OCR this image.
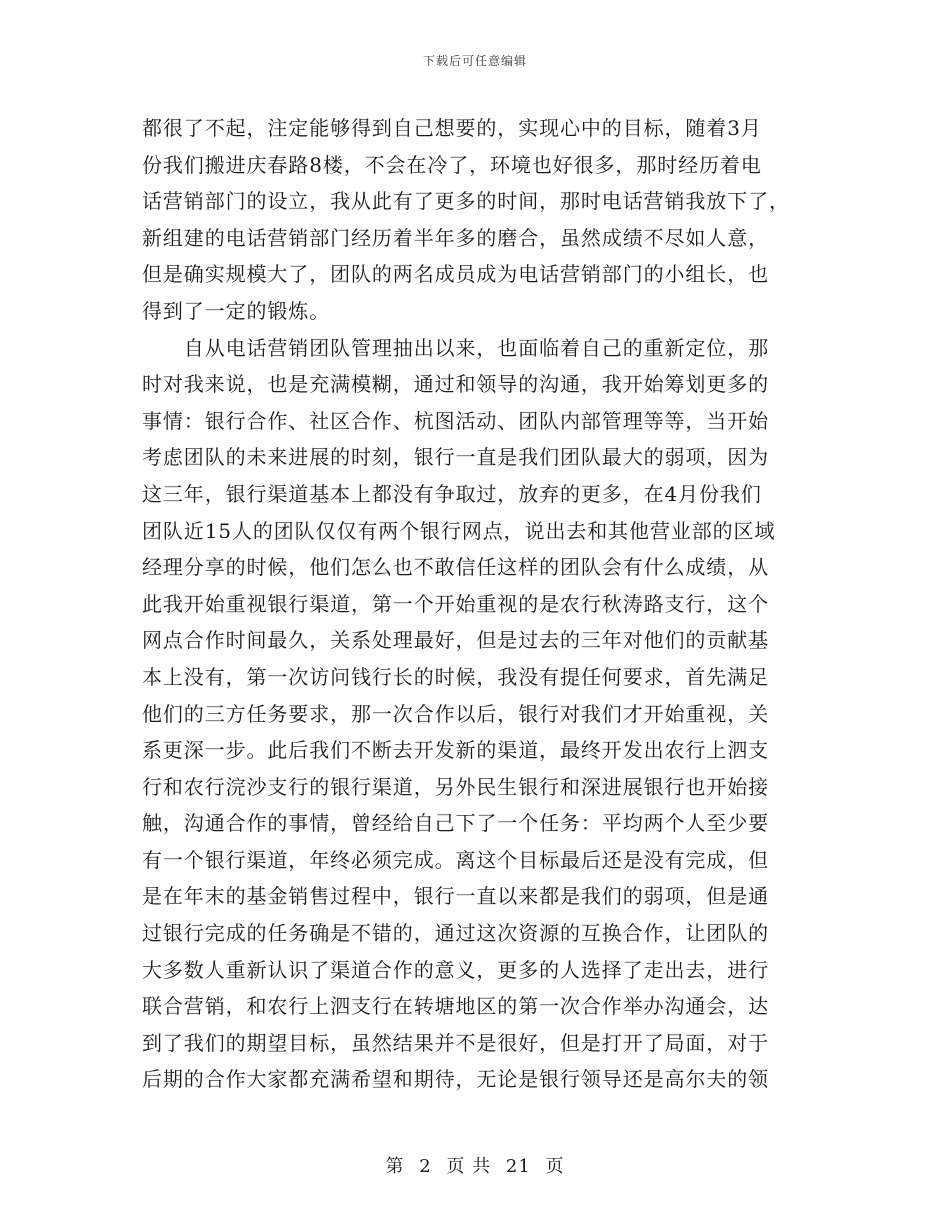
下载后可任意编辑
都很了不起，注定能够得到自己想要的，实现心中的目标，随着3月
份我们搬进庆春路8楼，不会在冷了，环境也好很多，那时经历着电
话营销部门的设立，我从此有了更多的时间，那时电话营销我放下了，
新组建的电话营销部门经历着半年多的磨合，虽然成绩不尽如人意，
但是确实规模大了，团队的两名成员成为电话营销部门的小组长，也
得到了一定的锻炼。
　　自从电话营销团队管理抽出以来，也面临着自己的重新定位，那
时对我来说，也是充满模糊，通过和领导的沟通，我开始筹划更多的
事情：银行合作、社区合作、杭图活动、团队内部管理等等，当开始
考虑团队的未来进展的时刻，银行一直是我们团队最大的弱项，因为
这三年，银行渠道基本上都没有争取过，放弃的更多，在4月份我们
团队近15人的团队仅仅有两个银行网点，说出去和其他营业部的区域
经理分享的时候，他们怎么也不敢信任这样的团队会有什么成绩，从
此我开始重视银行渠道，第一个开始重视的是农行秋涛路支行，这个
网点合作时间最久，关系处理最好，但是过去的三年对他们的贡献基
本上没有，第一次访问钱行长的时候，我没有提任何要求，首先满足
他们的三方任务要求，那一次合作以后，银行对我们才开始重视，关
系更深一步。此后我们不断去开发新的渠道，最终开发出农行上泗支
行和农行浣沙支行的银行渠道，另外民生银行和深进展银行也开始接
触，沟通合作的事情，曾经给自己下了一个任务：平均两个人至少要
有一个银行渠道，年终必须完成。离这个目标最后还是没有完成，但
是在年末的基金销售过程中，银行一直以来都是我们的弱项，但是通
过银行完成的任务确是不错的，通过这次资源的互换合作，让团队的
大多数人重新认识了渠道合作的意义，更多的人选择了走出去，进行
联合营销，和农行上泗支行在转塘地区的第一次合作举办沟通会，达
到了我们的期望目标，虽然结果并不是很好，但是打开了局面，对于
后期的合作大家都充满希望和期待，无论是银行领导还是高尔夫的领
第 2 页 共 21 页
